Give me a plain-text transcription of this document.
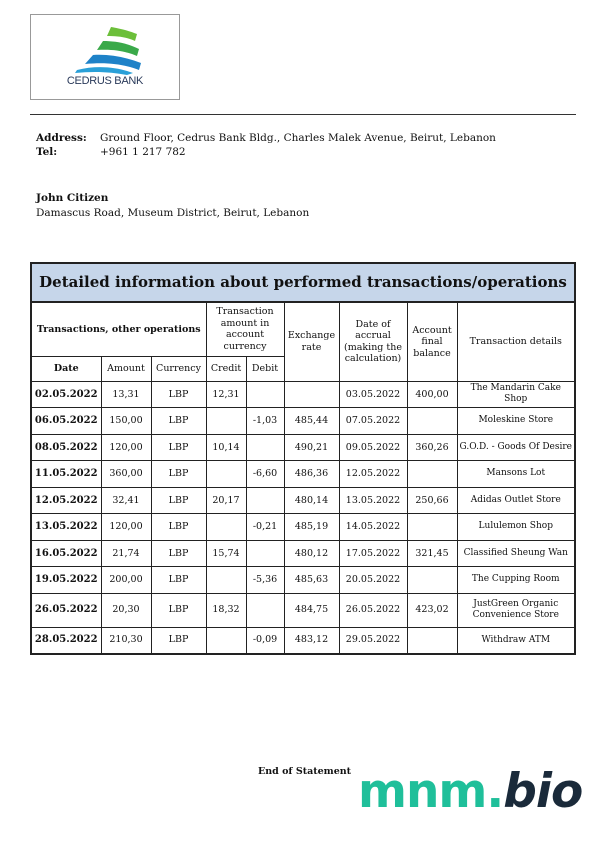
CEDRUS BANK
Address:	Ground Floor, Cedrus Bank Bldg., Charles Malek Avenue, Beirut, Lebanon
Tel:	+961 1 217 782
John Citizen
Damascus Road, Museum District, Beirut, Lebanon
Detailed information about performed transactions/operations								
Transactions, other operations			Transaction amount in account currency		Exchange rate	Date of accrual (making the calculation)	Account final balance	Transaction details
Date	Amount	Currency	Credit	Debit				
02.05.2022	13,31	LBP	12,31			03.05.2022	400,00	The Mandarin Cake Shop
06.05.2022	150,00	LBP		-1,03	485,44	07.05.2022		Moleskine Store
08.05.2022	120,00	LBP	10,14		490,21	09.05.2022	360,26	G.O.D. - Goods Of Desire
11.05.2022	360,00	LBP		-6,60	486,36	12.05.2022		Mansons Lot
12.05.2022	32,41	LBP	20,17		480,14	13.05.2022	250,66	Adidas Outlet Store
13.05.2022	120,00	LBP		-0,21	485,19	14.05.2022		Lululemon Shop
16.05.2022	21,74	LBP	15,74		480,12	17.05.2022	321,45	Classified Sheung Wan
19.05.2022	200,00	LBP		-5,36	485,63	20.05.2022		The Cupping Room
26.05.2022	20,30	LBP	18,32		484,75	26.05.2022	423,02	JustGreen Organic Convenience Store
28.05.2022	210,30	LBP		-0,09	483,12	29.05.2022		Withdraw ATM
End of Statement mnm.bio
